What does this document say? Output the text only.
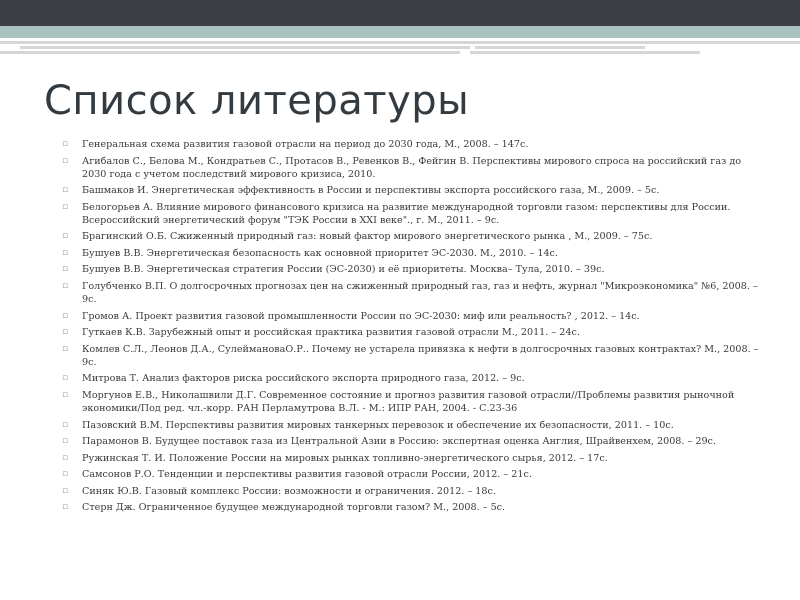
Список литературы
▫ Генеральная схема развития газовой отрасли на период до 2030 года, М., 2008. – 147с.
▫ Агибалов С., Белова М., Кондратьев С., Протасов В., Ревенков В., Фейгин В. Перспективы мирового спроса на российский газ до 2030 года с учетом последствий мирового кризиса, 2010.
▫ Башмаков И. Энергетическая эффективность в России и перспективы экспорта российского газа, М., 2009. – 5с.
▫ Белогорьев А. Влияние мирового финансового кризиса на развитие международной торговли газом: перспективы для России. Всероссийский энергетический форум "ТЭК России в XXI веке"., г. М., 2011. – 9с.
▫ Брагинский О.Б. Сжиженный природный газ: новый фактор мирового энергетического рынка , М., 2009. – 75с.
▫ Бушуев В.В. Энергетическая безопасность как основной приоритет ЭС-2030. М., 2010. – 14с.
▫ Бушуев В.В. Энергетическая стратегия России (ЭС-2030) и её приоритеты. Москва– Тула, 2010. – 39с.
▫ Голубченко В.П. О долгосрочных прогнозах цен на сжиженный природный газ, газ и нефть, журнал "Микроэкономика" №6, 2008. – 9с.
▫ Громов А. Проект развития газовой промышленности России по ЭС-2030: миф или реальность? , 2012. – 14с.
▫ Гуткаев К.В. Зарубежный опыт и российская практика развития газовой отрасли М., 2011. – 24с.
▫ Комлев С.Л., Леонов Д.А., СулеймановаО.Р.. Почему не устарела привязка к нефти в долгосрочных газовых контрактах? М., 2008. – 9с.
▫ Митрова Т. Анализ факторов риска российского экспорта природного газа, 2012. – 9с.
▫ Моргунов Е.В., Николашвили Д.Г. Современное состояние и прогноз развития газовой отрасли//Проблемы развития рыночной экономики/Под ред. чл.-корр. РАН Перламутрова В.Л. - М.: ИПР РАН, 2004. - С.23-36
▫ Пазовский В.М. Перспективы развития мировых танкерных перевозок и обеспечение их безопасности, 2011. – 10с.
▫ Парамонов В. Будущее поставок газа из Центральной Азии в Россию: экспертная оценка Англия, Шрайвенхем, 2008. – 29с.
▫ Ружинская Т. И. Положение России на мировых рынках топливно-энергетического сырья, 2012. – 17с.
▫ Самсонов Р.О. Тенденции и перспективы развития газовой отрасли России, 2012. – 21с.
▫ Синяк Ю.В. Газовый комплекс России: возможности и ограничения. 2012. – 18с.
▫ Стерн Дж. Ограниченное будущее международной торговли газом? М., 2008. – 5с.
